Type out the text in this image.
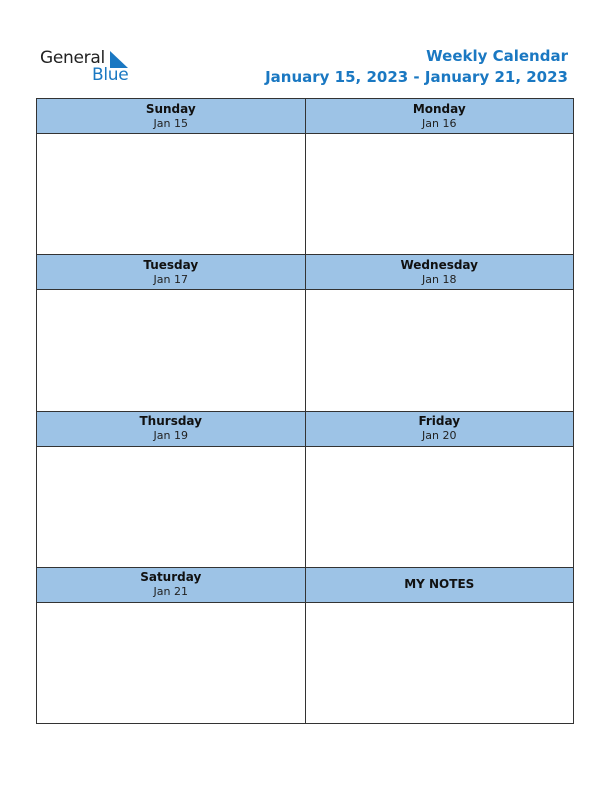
General
Blue
Weekly Calendar
January 15, 2023 - January 21, 2023
Sunday
Jan 15
Monday
Jan 16
Tuesday
Jan 17
Wednesday
Jan 18
Thursday
Jan 19
Friday
Jan 20
Saturday
Jan 21
MY NOTES
